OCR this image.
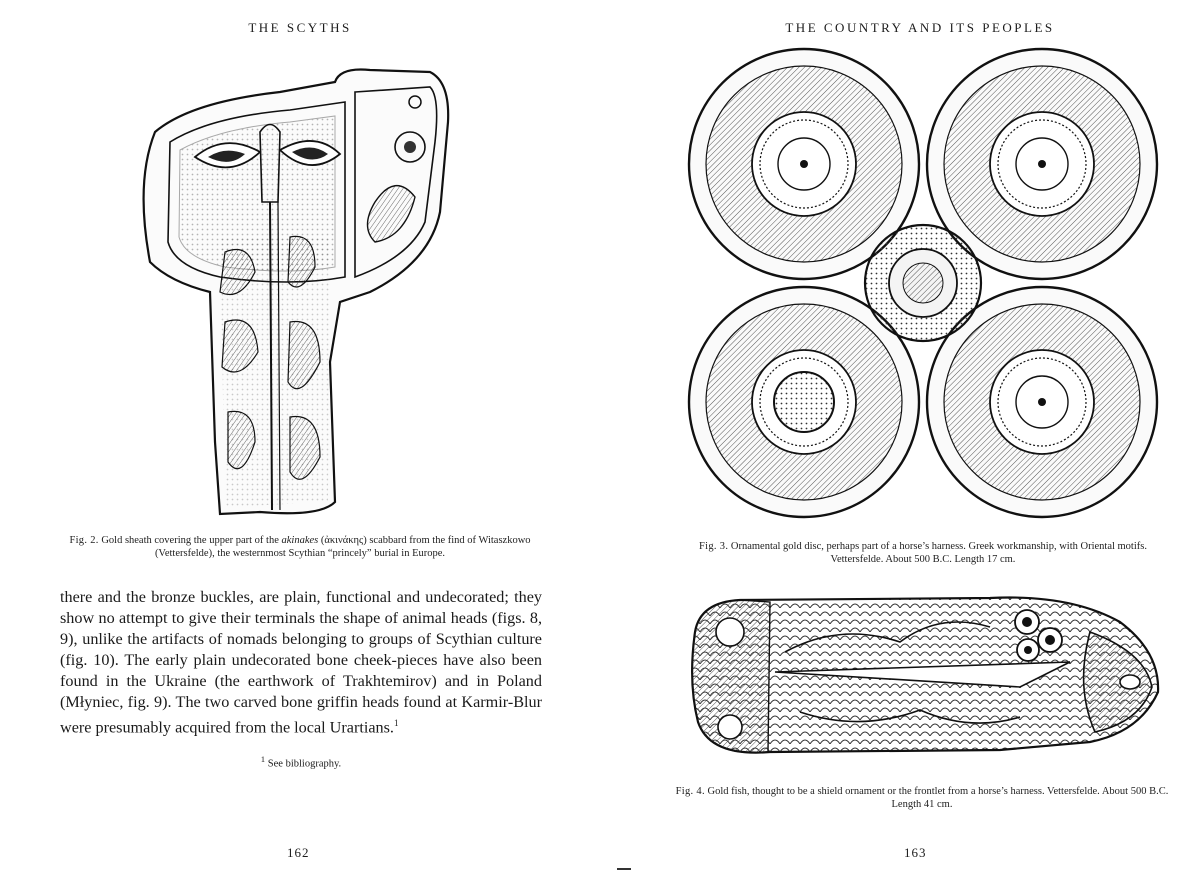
THE SCYTHS
Fig. 2. Gold sheath covering the upper part of the akinakes (ἀκινάκης) scabbard from the find of Witaszkowo (Vettersfelde), the westernmost Scythian “princely” burial in Europe.

there and the bronze buckles, are plain, functional and undecorated; they show no attempt to give their terminals the shape of animal heads (figs. 8, 9), unlike the artifacts of nomads belonging to groups of Scythian culture (fig. 10). The early plain undecorated bone cheek-pieces have also been found in the Ukraine (the earthwork of Trakhtemirov) and in Poland (Młyniec, fig. 9). The two carved bone griffin heads found at Karmir-Blur were presumably acquired from the local Urartians.$^1$

$^1$ See bibliography.
162
THE COUNTRY AND ITS PEOPLES
Fig. 3. Ornamental gold disc, perhaps part of a horse’s harness. Greek workmanship, with Oriental motifs. Vettersfelde. About 500 B.C. Length 17 cm.
Fig. 4. Gold fish, thought to be a shield ornament or the frontlet from a horse’s harness. Vettersfelde. About 500 B.C. Length 41 cm.
163
